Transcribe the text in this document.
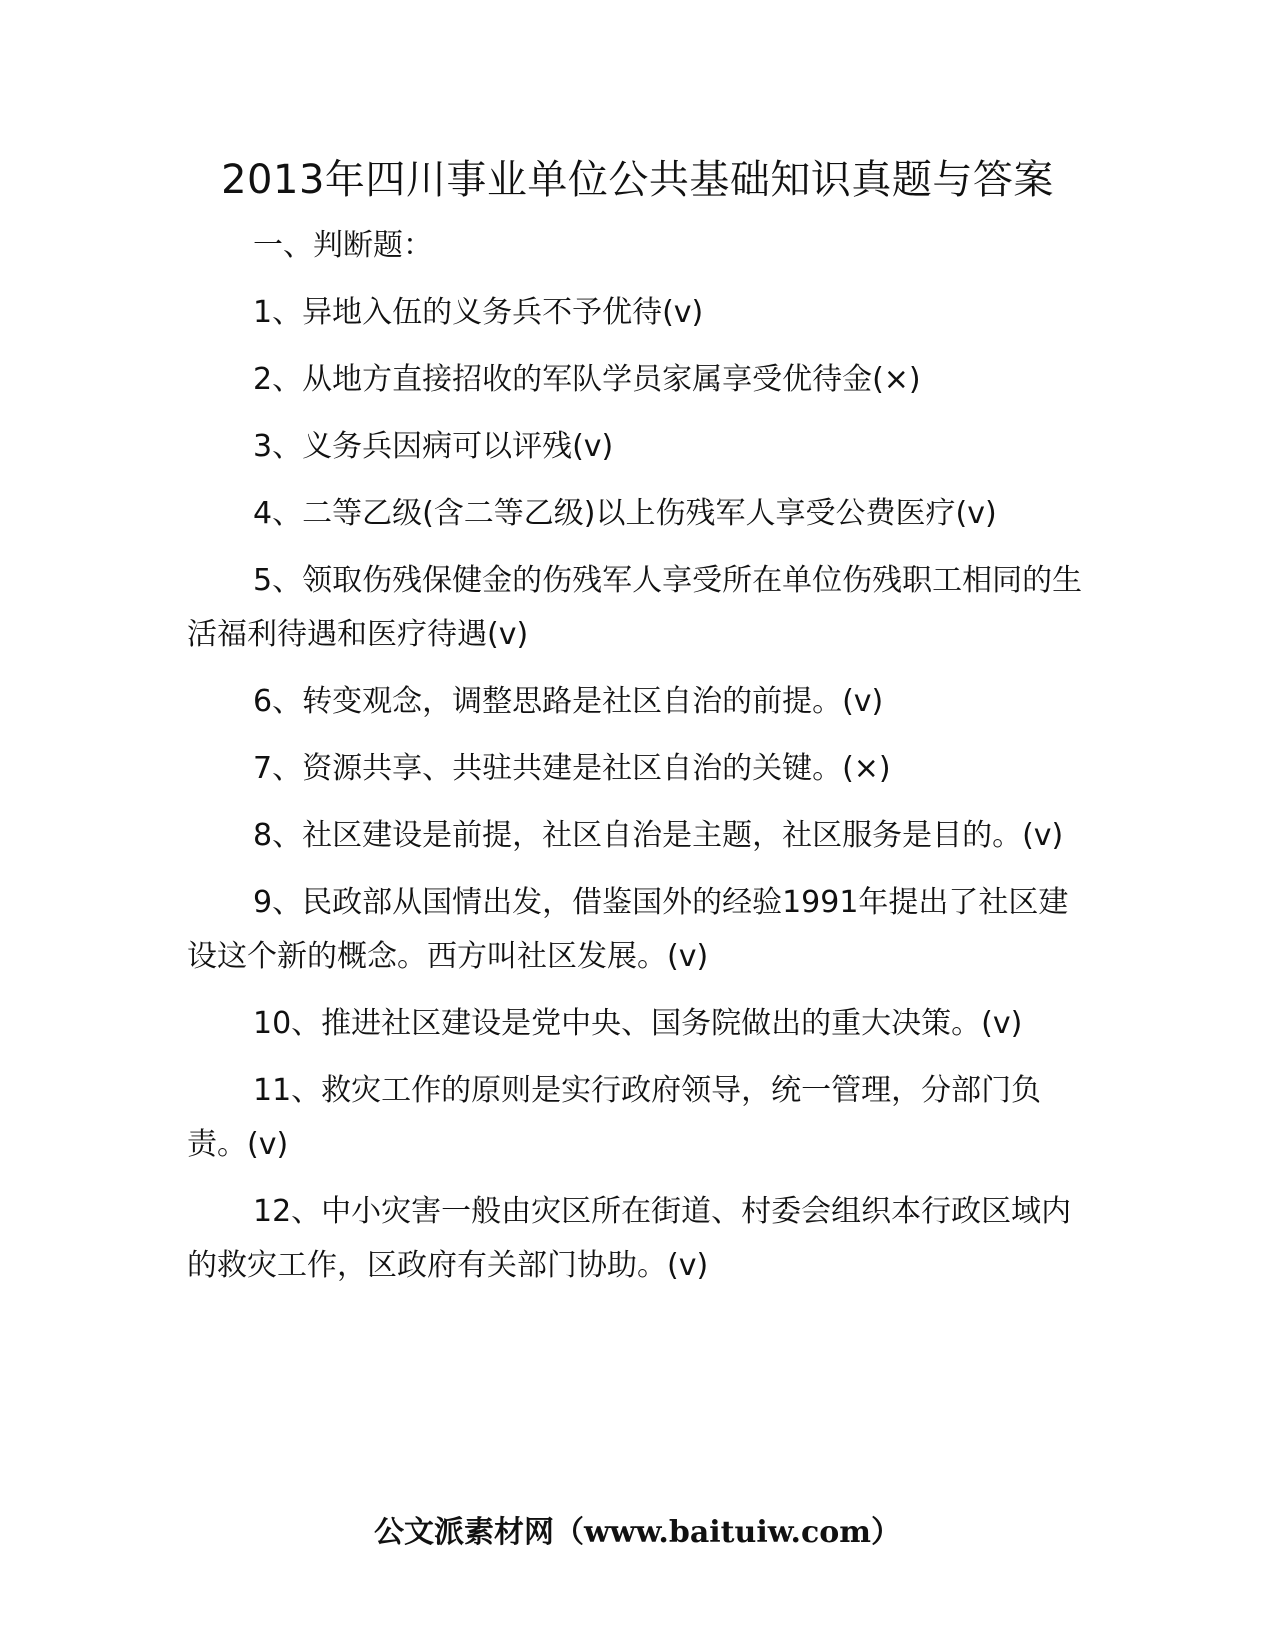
2013年四川事业单位公共基础知识真题与答案

一、判断题：

1、异地入伍的义务兵不予优待(v)

2、从地方直接招收的军队学员家属享受优待金(×)

3、义务兵因病可以评残(v)

4、二等乙级(含二等乙级)以上伤残军人享受公费医疗(v)

5、领取伤残保健金的伤残军人享受所在单位伤残职工相同的生活福利待遇和医疗待遇(v)

6、转变观念，调整思路是社区自治的前提。(v)

7、资源共享、共驻共建是社区自治的关键。(×)

8、社区建设是前提，社区自治是主题，社区服务是目的。(v)

9、民政部从国情出发，借鉴国外的经验1991年提出了社区建设这个新的概念。西方叫社区发展。(v)

10、推进社区建设是党中央、国务院做出的重大决策。(v)

11、救灾工作的原则是实行政府领导，统一管理，分部门负责。(v)

12、中小灾害一般由灾区所在街道、村委会组织本行政区域内的救灾工作，区政府有关部门协助。(v)

公文派素材网（www.baituiw.com）
